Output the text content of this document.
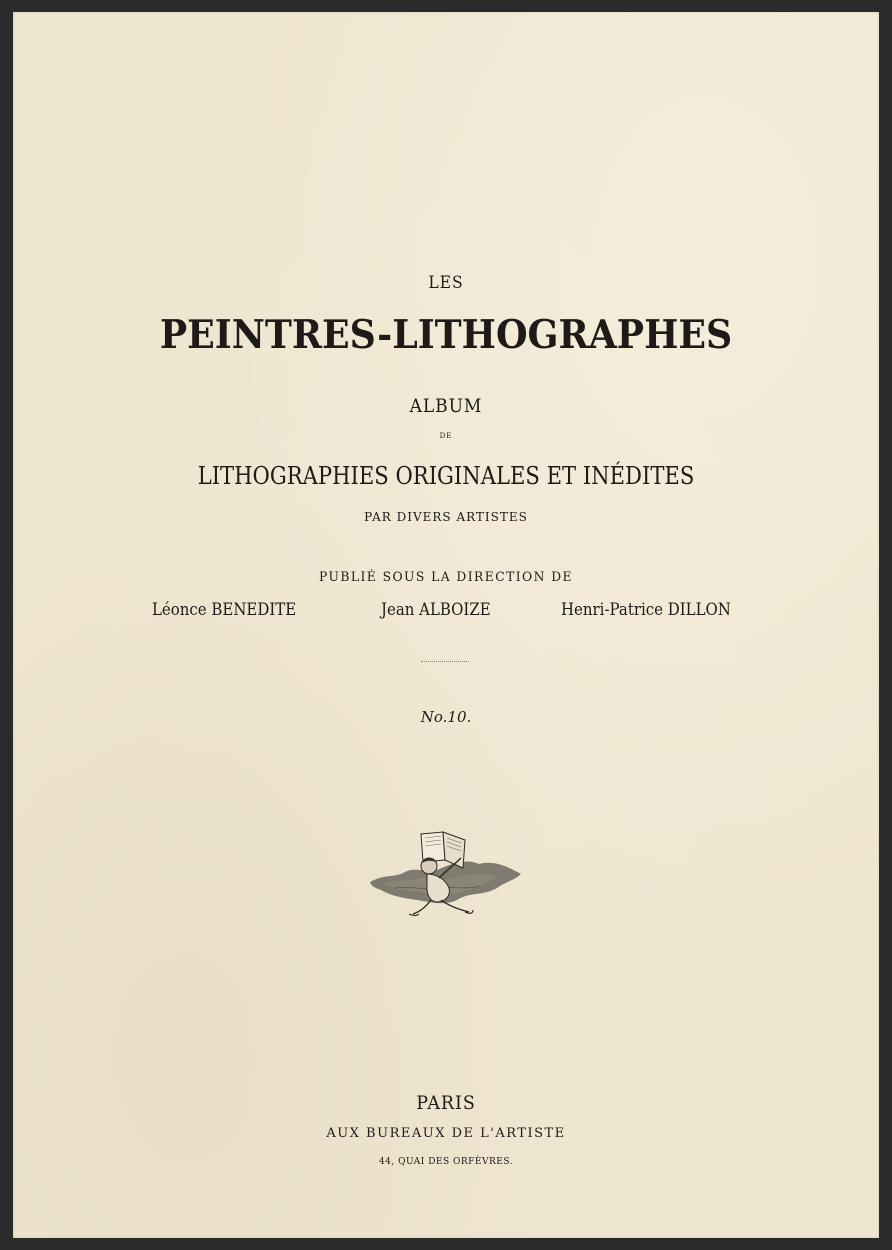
LES
PEINTRES-LITHOGRAPHES
ALBUM
DE
LITHOGRAPHIES ORIGINALES ET INÉDITES
PAR DIVERS ARTISTES
PUBLIÉ SOUS LA DIRECTION DE
Léonce BENEDITE	Jean ALBOIZE	Henri-Patrice DILLON
No.10.
PARIS
AUX BUREAUX DE L'ARTISTE
44, QUAI DES ORFÈVRES.
